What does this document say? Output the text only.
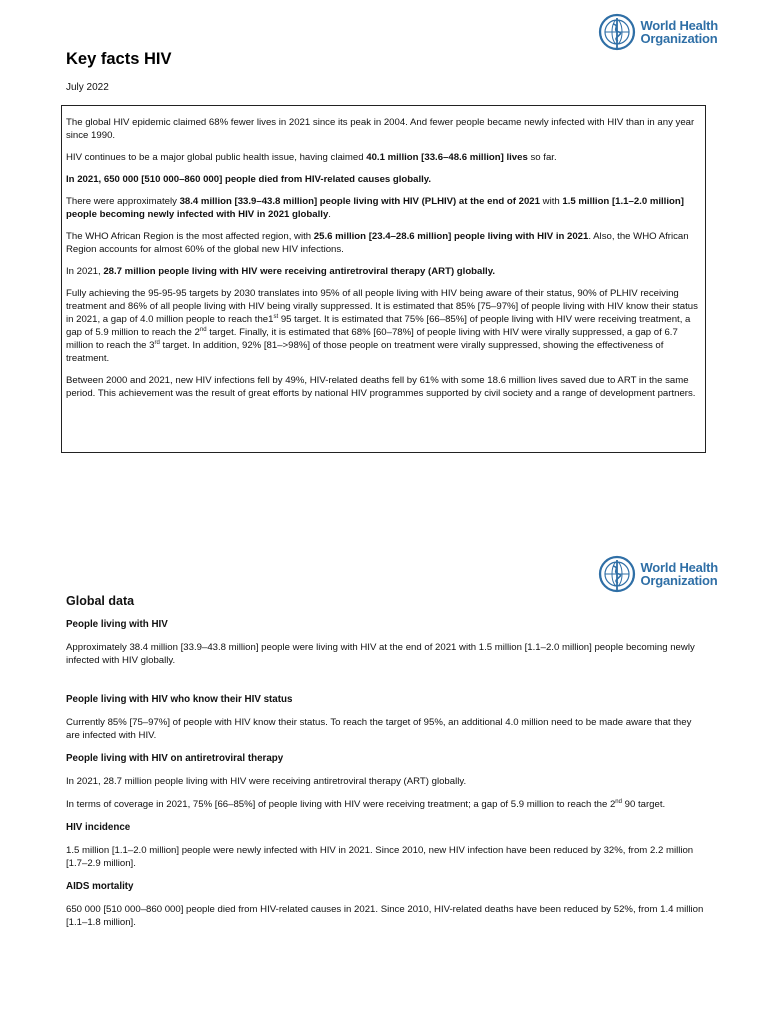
World Health
Organization
Key facts HIV

July 2022

The global HIV epidemic claimed 68% fewer lives in 2021 since its peak in 2004. And fewer people became newly infected with HIV than in any year since 1990.

HIV continues to be a major global public health issue, having claimed 40.1 million [33.6–48.6 million] lives so far.

In 2021, 650 000 [510 000–860 000] people died from HIV-related causes globally.

There were approximately 38.4 million [33.9–43.8 million] people living with HIV (PLHIV) at the end of 2021 with 1.5 million [1.1–2.0 million] people becoming newly infected with HIV in 2021 globally.

The WHO African Region is the most affected region, with 25.6 million [23.4–28.6 million] people living with HIV in 2021. Also, the WHO African Region accounts for almost 60% of the global new HIV infections.

In 2021, 28.7 million people living with HIV were receiving antiretroviral therapy (ART) globally.

Fully achieving the 95-95-95 targets by 2030 translates into 95% of all people living with HIV being aware of their status, 90% of PLHIV receiving treatment and 86% of all people living with HIV being virally suppressed. It is estimated that 85% [75–97%] of people living with HIV know their status in 2021, a gap of 4.0 million people to reach the1st 95 target. It is estimated that 75% [66–85%] of people living with HIV were receiving treatment, a gap of 5.9 million to reach the 2nd target. Finally, it is estimated that 68% [60–78%] of people living with HIV were virally suppressed, a gap of 6.7 million to reach the 3rd target. In addition, 92% [81–>98%] of those people on treatment were virally suppressed, showing the effectiveness of treatment.

Between 2000 and 2021, new HIV infections fell by 49%, HIV-related deaths fell by 61% with some 18.6 million lives saved due to ART in the same period. This achievement was the result of great efforts by national HIV programmes supported by civil society and a range of development partners.

World Health
Organization
Global data
People living with HIV

Approximately 38.4 million [33.9–43.8 million] people were living with HIV at the end of 2021 with 1.5 million [1.1–2.0 million] people becoming newly infected with HIV globally.

People living with HIV who know their HIV status

Currently 85% [75–97%] of people with HIV know their status. To reach the target of 95%, an additional 4.0 million need to be made aware that they are infected with HIV.

People living with HIV on antiretroviral therapy

In 2021, 28.7 million people living with HIV were receiving antiretroviral therapy (ART) globally.

In terms of coverage in 2021, 75% [66–85%] of people living with HIV were receiving treatment; a gap of 5.9 million to reach the 2nd 90 target.

HIV incidence

1.5 million [1.1–2.0 million] people were newly infected with HIV in 2021. Since 2010, new HIV infection have been reduced by 32%, from 2.2 million [1.7–2.9 million].

AIDS mortality

650 000 [510 000–860 000] people died from HIV-related causes in 2021. Since 2010, HIV-related deaths have been reduced by 52%, from 1.4 million [1.1–1.8 million].
